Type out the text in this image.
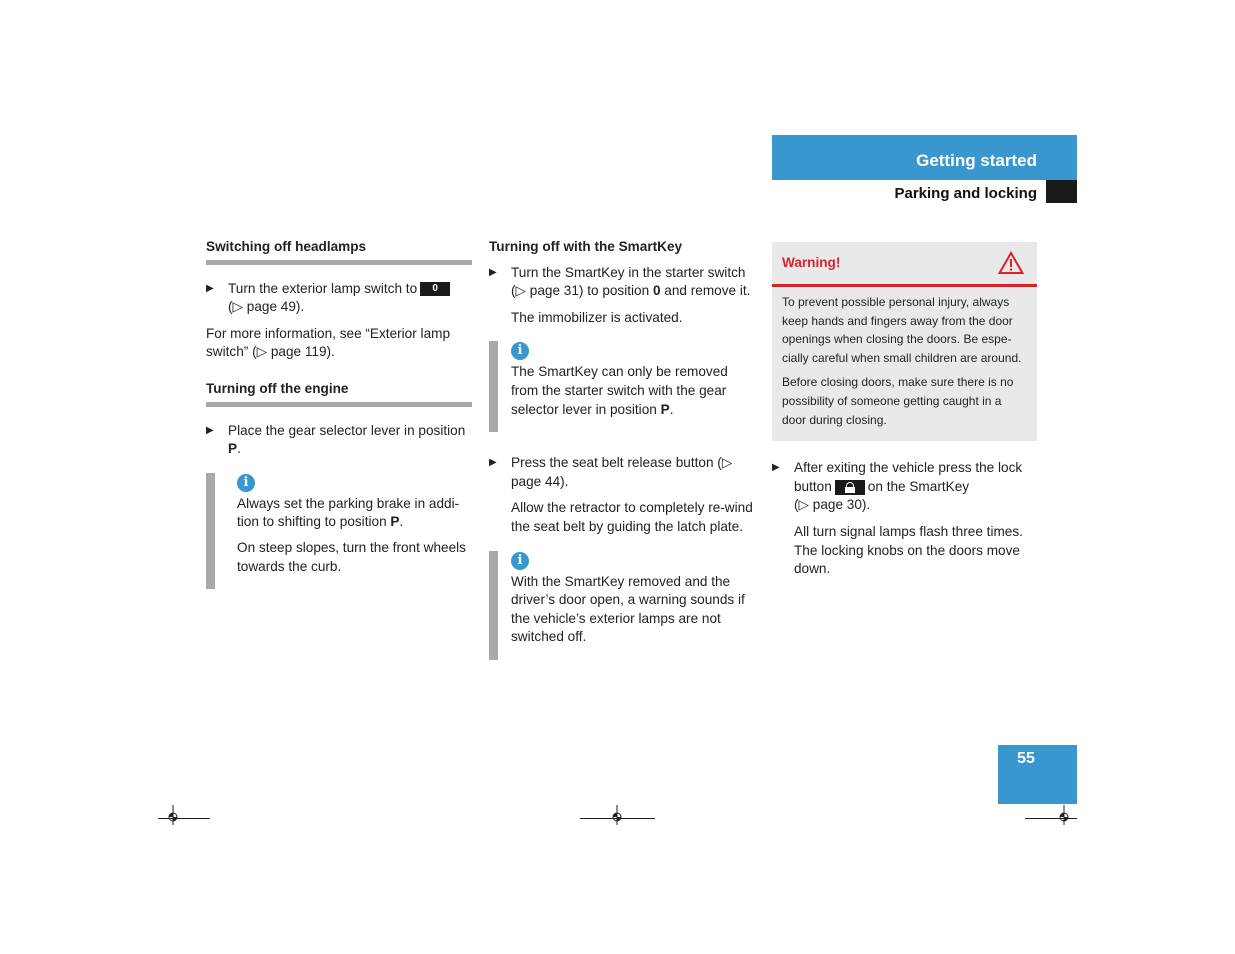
Getting started
Parking and locking
Switching off headlamps
▶ Turn the exterior lamp switch to 0
(▷ page 49).
For more information, see “Exterior lamp switch” (▷ page 119).
Turning off the engine
▶ Place the gear selector lever in position P.
i

Always set the parking brake in addi-tion to shifting to position P.

On steep slopes, turn the front wheels towards the curb.

Turning off with the SmartKey
▶ Turn the SmartKey in the starter switch (▷ page 31) to position 0 and remove it.
The immobilizer is activated.
i

The SmartKey can only be removed from the starter switch with the gear selector lever in position P.

▶ Press the seat belt release button (▷ page 44).
Allow the retractor to completely re-wind the seat belt by guiding the latch plate.
i

With the SmartKey removed and the driver’s door open, a warning sounds if the vehicle’s exterior lamps are not switched off.

Warning!

To prevent possible personal injury, always keep hands and fingers away from the door openings when closing the doors. Be espe-cially careful when small children are around.

Before closing doors, make sure there is no possibility of someone getting caught in a door during closing.

▶ After exiting the vehicle press the lock button	on the SmartKey
(▷ page 30).
All turn signal lamps flash three times. The locking knobs on the doors move down.
55
